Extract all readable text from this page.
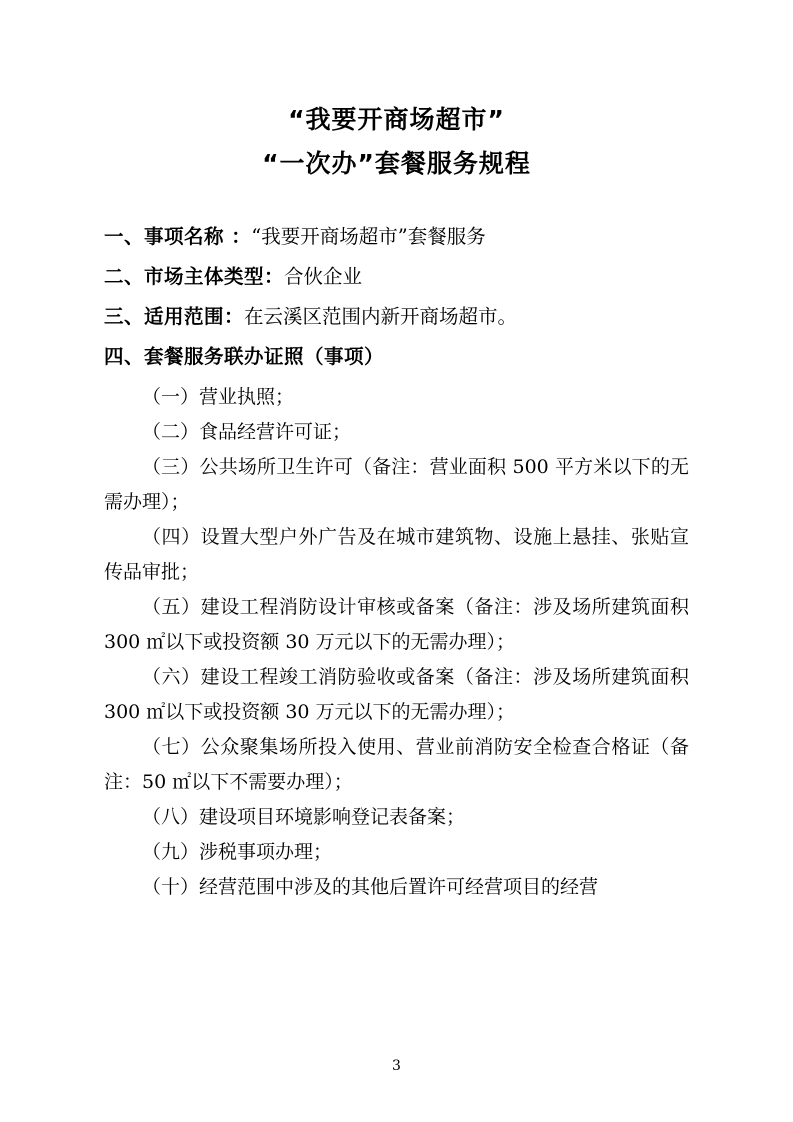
“我要开商场超市”
“一次办”套餐服务规程
一、事项名称 ：“我要开商场超市”套餐服务
二、市场主体类型：合伙企业
三、适用范围：在云溪区范围内新开商场超市。
四、套餐服务联办证照（事项）

（一）营业执照；

（二）食品经营许可证；

（三）公共场所卫生许可（备注：营业面积 500 平方米以下的无需办理）；

（四）设置大型户外广告及在城市建筑物、设施上悬挂、张贴宣传品审批；

（五）建设工程消防设计审核或备案（备注：涉及场所建筑面积 300 ㎡以下或投资额 30 万元以下的无需办理）；

（六）建设工程竣工消防验收或备案（备注：涉及场所建筑面积 300 ㎡以下或投资额 30 万元以下的无需办理）；

（七）公众聚集场所投入使用、营业前消防安全检查合格证（备注：50 ㎡以下不需要办理）；

（八）建设项目环境影响登记表备案；

（九）涉税事项办理；

（十）经营范围中涉及的其他后置许可经营项目的经营

3
